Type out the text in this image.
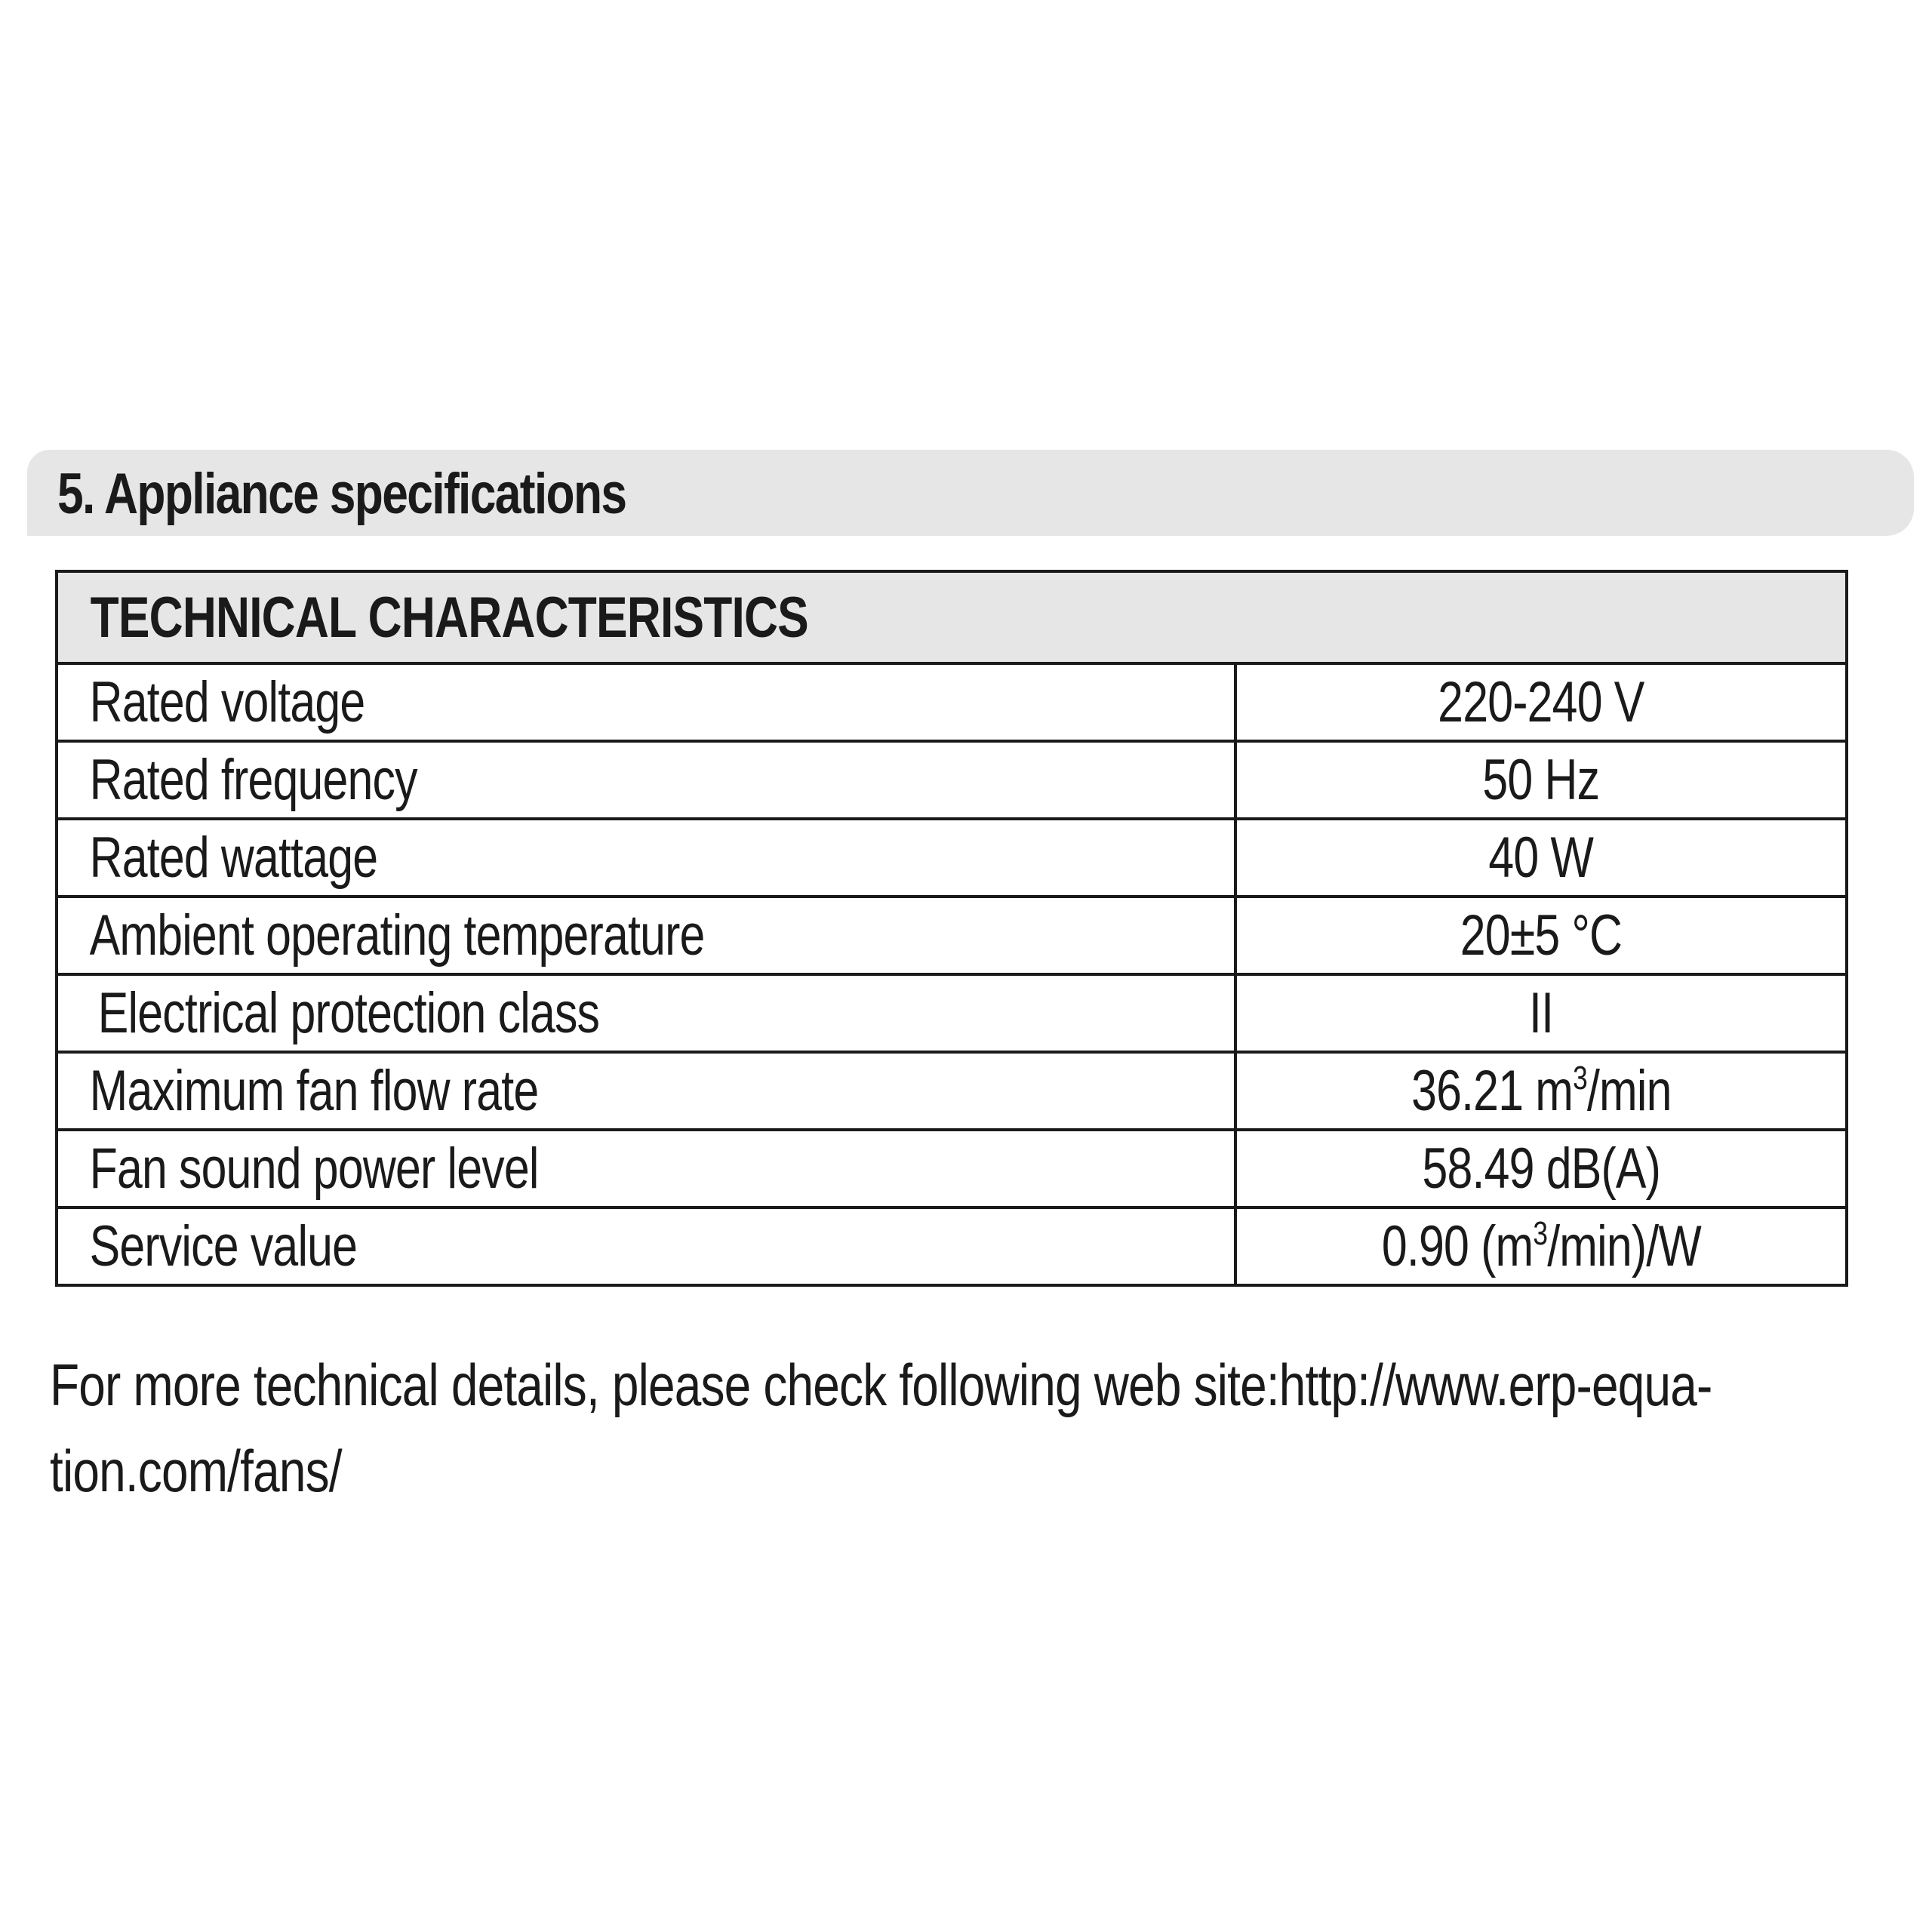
5. Appliance specifications
TECHNICAL CHARACTERISTICS	
Rated voltage	220-240 V
Rated frequency	50 Hz
Rated wattage	40 W
Ambient operating temperature	20±5 °C
Electrical protection class	II
Maximum fan flow rate	36.21 $m^3/\min$
Fan sound power level	58.49 dB(A)
Service value	0.90 $(m^3/\min)/W$
For more technical details, please check following web site:http://www.erp-equa-
tion.com/fans/
